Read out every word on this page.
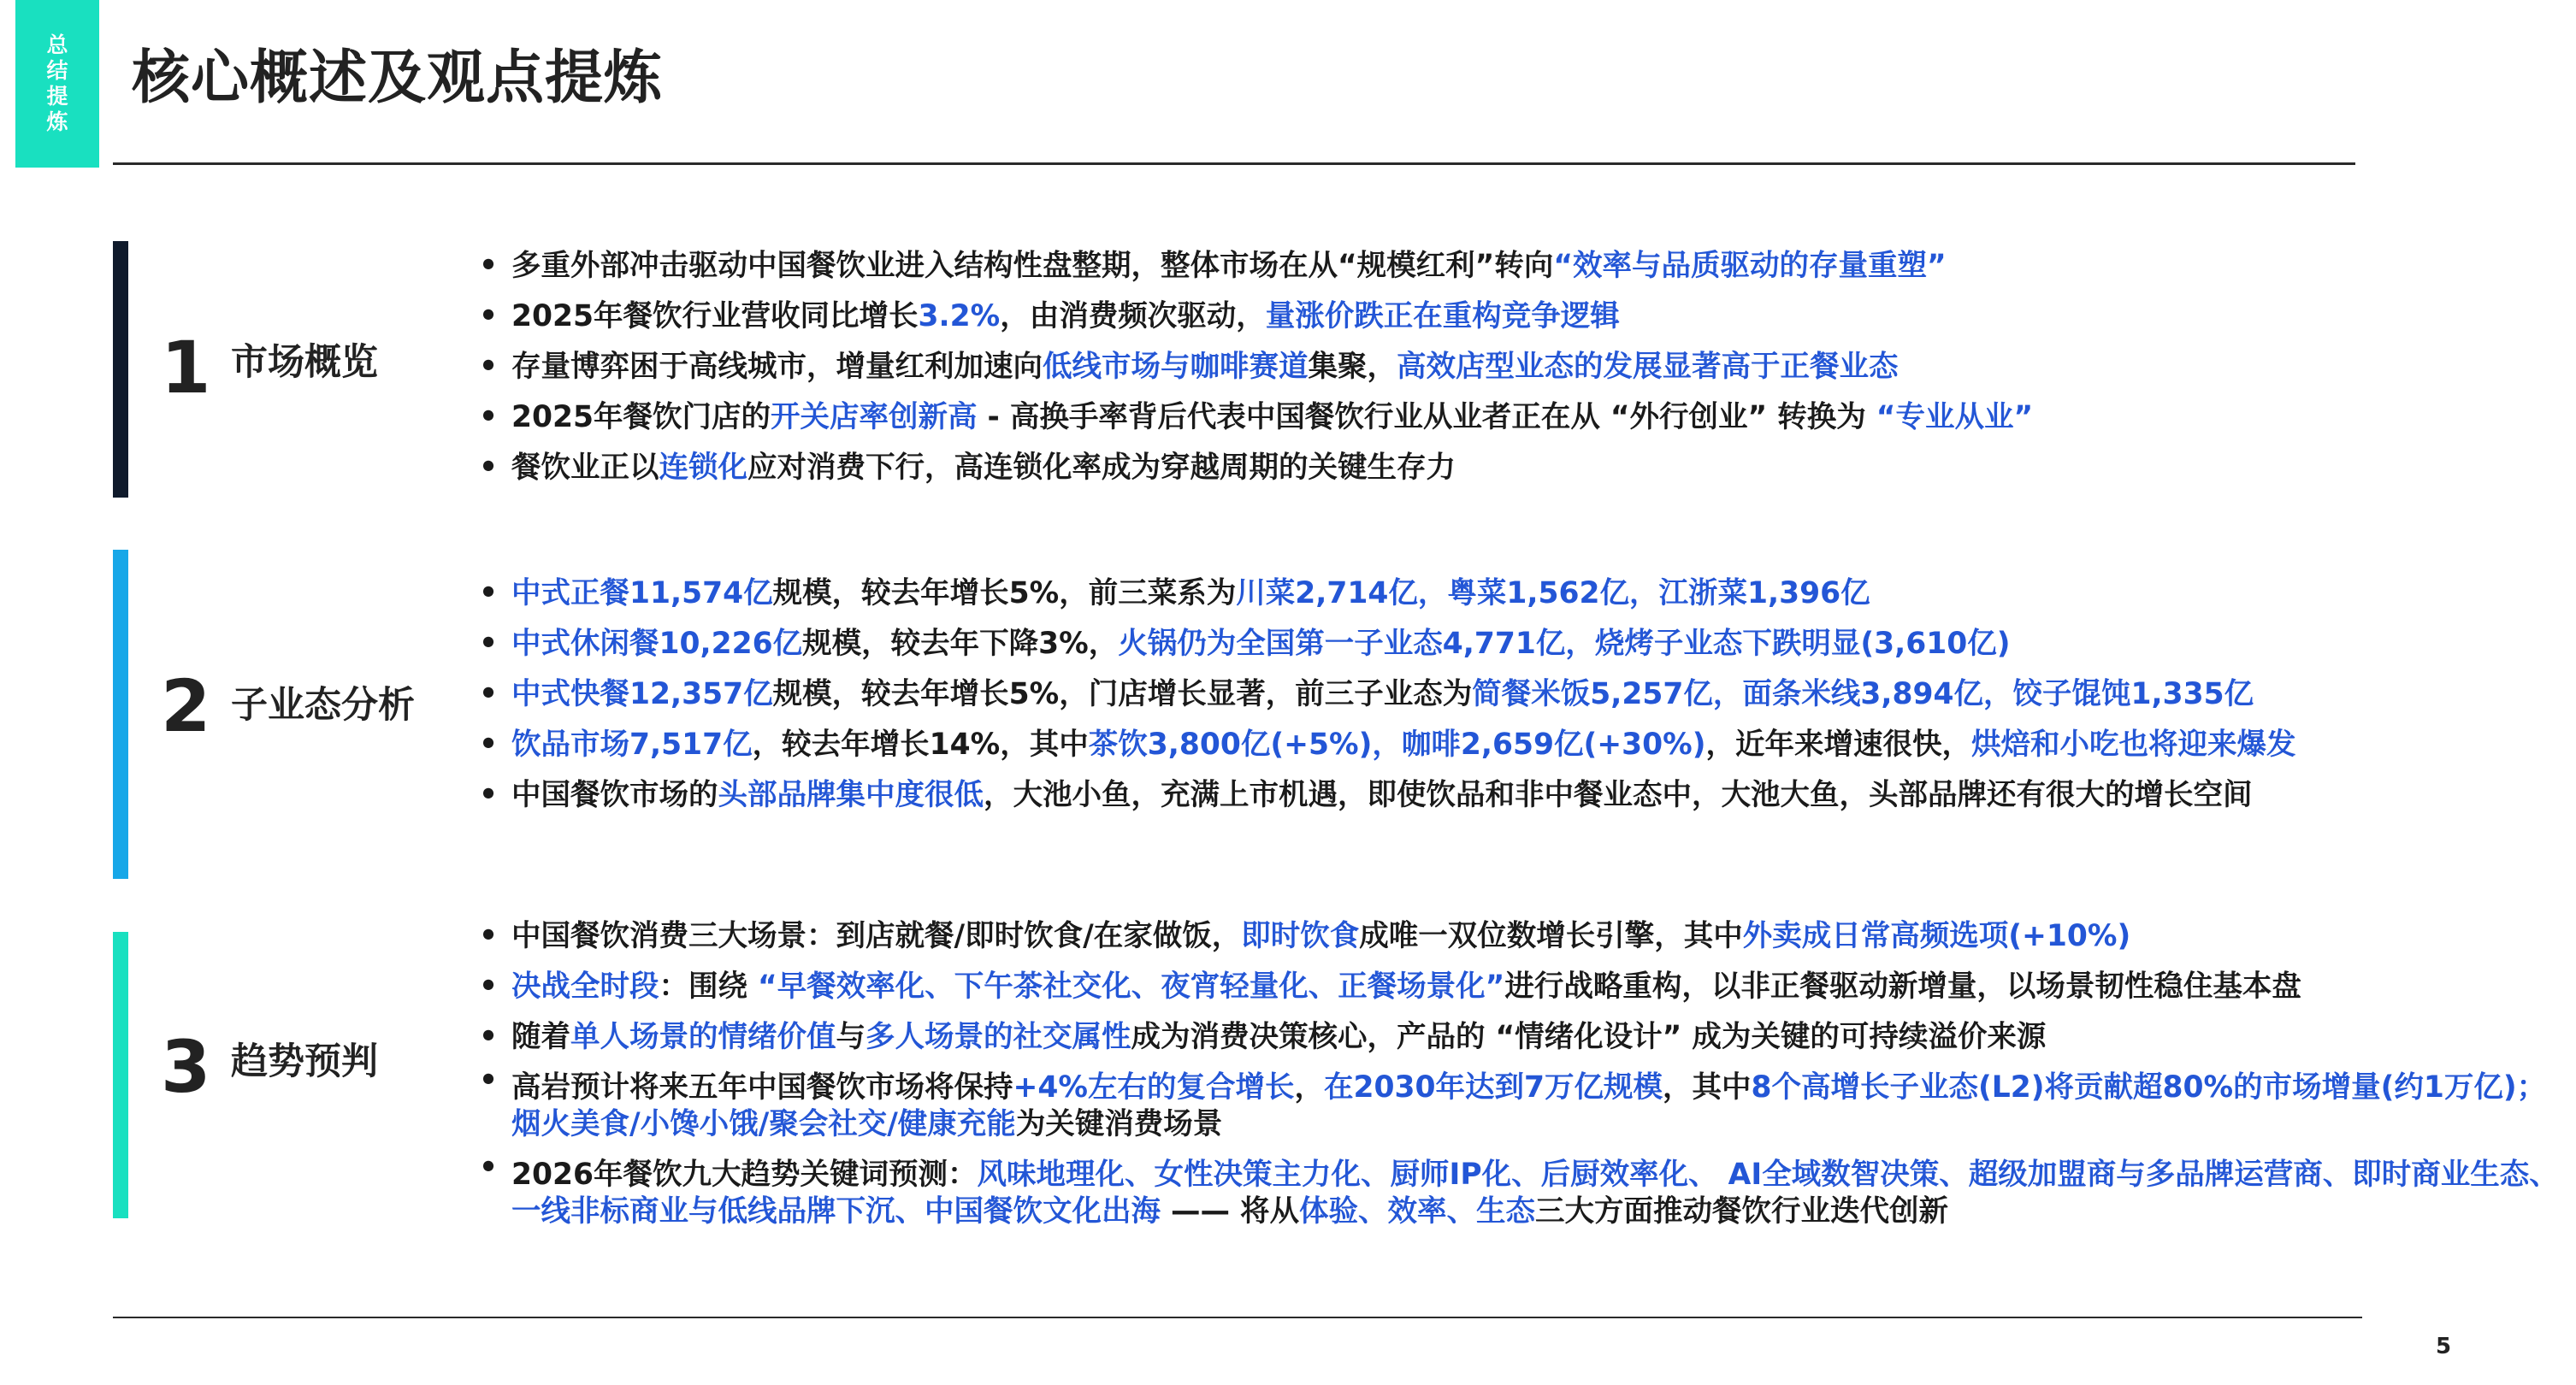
总结提炼
核心概述及观点提炼
1 市场概览
• 多重外部冲击驱动中国餐饮业进入结构性盘整期，整体市场在从“规模红利”转向“效率与品质驱动的存量重塑”
• 2025年餐饮行业营收同比增长3.2%，由消费频次驱动，量涨价跌正在重构竞争逻辑
• 存量博弈困于高线城市，增量红利加速向低线市场与咖啡赛道集聚，高效店型业态的发展显著高于正餐业态
• 2025年餐饮门店的开关店率创新高 - 高换手率背后代表中国餐饮行业从业者正在从 “外行创业” 转换为 “专业从业”
• 餐饮业正以连锁化应对消费下行，高连锁化率成为穿越周期的关键生存力
2 子业态分析
• 中式正餐11,574亿规模，较去年增长5%，前三菜系为川菜2,714亿，粤菜1,562亿，江浙菜1,396亿
• 中式休闲餐10,226亿规模，较去年下降3%，火锅仍为全国第一子业态4,771亿，烧烤子业态下跌明显(3,610亿)
• 中式快餐12,357亿规模，较去年增长5%，门店增长显著，前三子业态为简餐米饭5,257亿，面条米线3,894亿，饺子馄饨1,335亿
• 饮品市场7,517亿，较去年增长14%，其中茶饮3,800亿(+5%)，咖啡2,659亿(+30%)，近年来增速很快，烘焙和小吃也将迎来爆发
• 中国餐饮市场的头部品牌集中度很低，大池小鱼，充满上市机遇，即使饮品和非中餐业态中，大池大鱼，头部品牌还有很大的增长空间
3 趋势预判
• 中国餐饮消费三大场景：到店就餐/即时饮食/在家做饭，即时饮食成唯一双位数增长引擎，其中外卖成日常高频选项(+10%)
• 决战全时段：围绕 “早餐效率化、下午茶社交化、夜宵轻量化、正餐场景化”进行战略重构，以非正餐驱动新增量，以场景韧性稳住基本盘
• 随着单人场景的情绪价值与多人场景的社交属性成为消费决策核心，产品的 “情绪化设计” 成为关键的可持续溢价来源
• 高岩预计将来五年中国餐饮市场将保持+4%左右的复合增长，在2030年达到7万亿规模，其中8个高增长子业态(L2)将贡献超80%的市场增量(约1万亿)；烟火美食/小馋小饿/聚会社交/健康充能为关键消费场景
• 2026年餐饮九大趋势关键词预测：风味地理化、女性决策主力化、厨师IP化、后厨效率化、 AI全域数智决策、超级加盟商与多品牌运营商、即时商业生态、一线非标商业与低线品牌下沉、中国餐饮文化出海 —— 将从体验、效率、生态三大方面推动餐饮行业迭代创新
5
